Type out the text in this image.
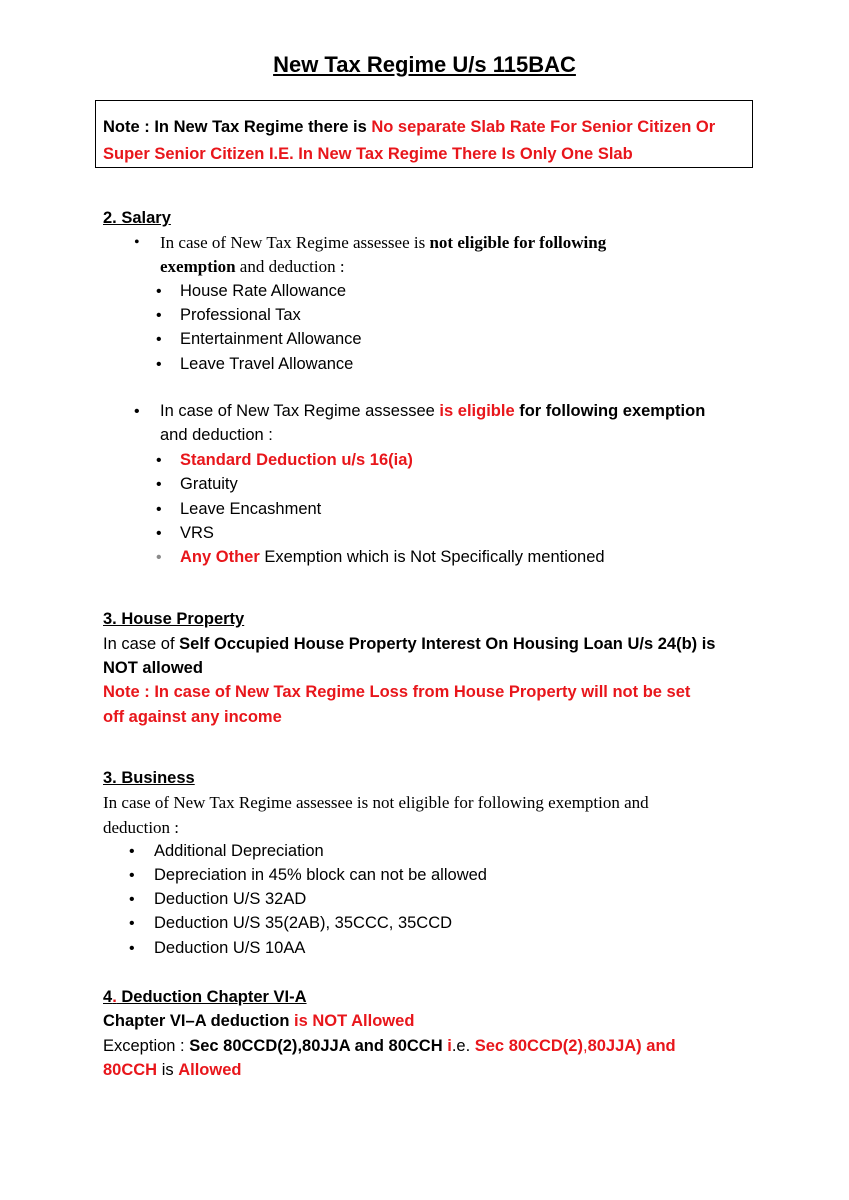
New Tax Regime U/s 115BAC
Note : In New Tax Regime there is No separate Slab Rate For Senior Citizen Or
Super Senior Citizen I.E. In New Tax Regime There Is Only One Slab
2. Salary
• In case of New Tax Regime assessee is not eligible for following
exemption and deduction :
• House Rate Allowance
• Professional Tax
• Entertainment Allowance
• Leave Travel Allowance
• In case of New Tax Regime assessee is eligible for following exemption
and deduction :
• Standard Deduction u/s 16(ia)
• Gratuity
• Leave Encashment
• VRS
• Any Other Exemption which is Not Specifically mentioned
3. House Property
In case of Self Occupied House Property Interest On Housing Loan U/s 24(b) is
NOT allowed
Note : In case of New Tax Regime Loss from House Property will not be set
off against any income
3. Business
In case of New Tax Regime assessee is not eligible for following exemption and
deduction :
• Additional Depreciation
• Depreciation in 45% block can not be allowed
• Deduction U/S 32AD
• Deduction U/S 35(2AB), 35CCC, 35CCD
• Deduction U/S 10AA
4. Deduction Chapter VI-A
Chapter VI–A deduction is NOT Allowed
Exception : Sec 80CCD(2),80JJA and 80CCH i.e. Sec 80CCD(2),80JJA) and
80CCH is Allowed
